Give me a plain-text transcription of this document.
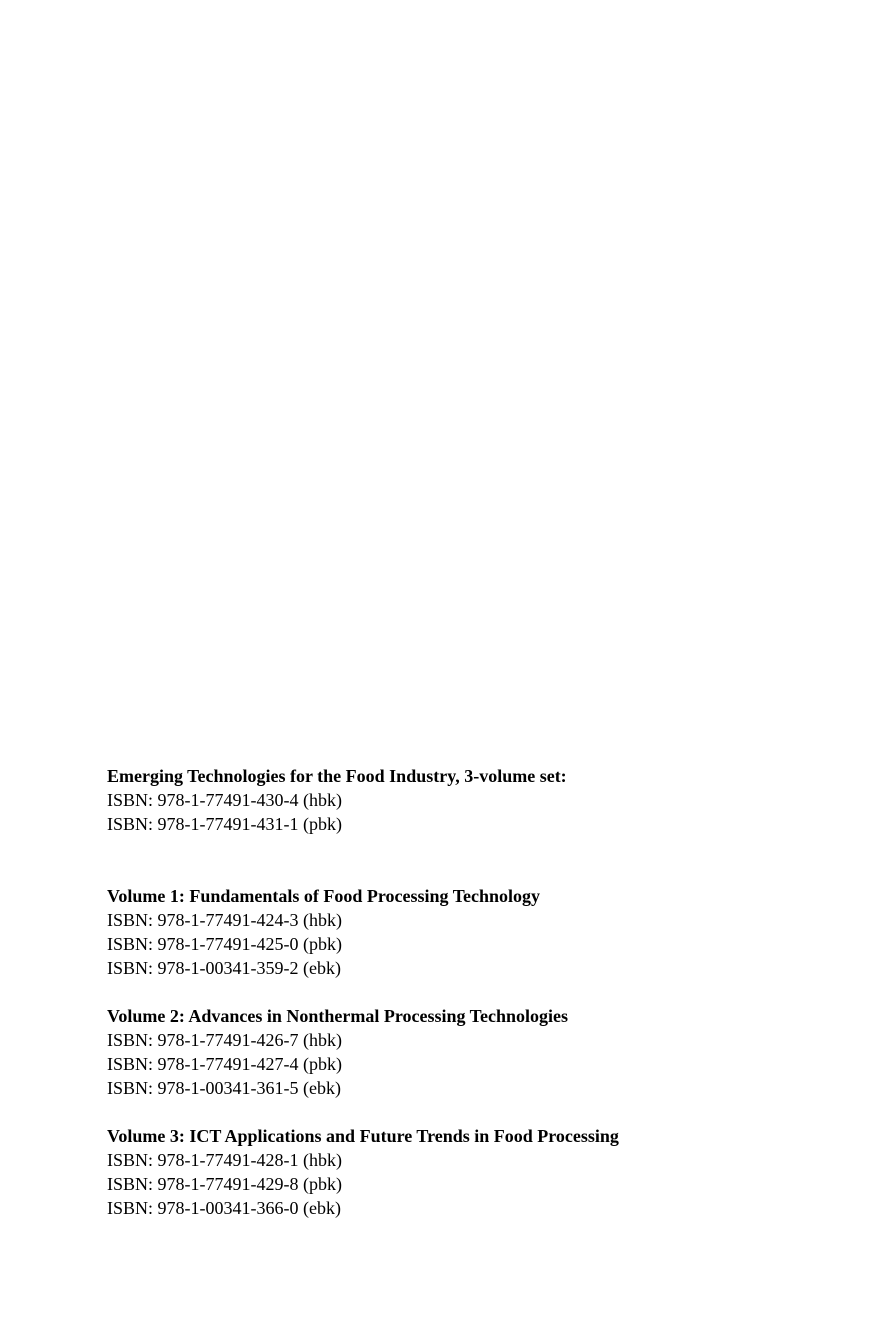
Emerging Technologies for the Food Industry, 3-volume set:
ISBN: 978-1-77491-430-4 (hbk)
ISBN: 978-1-77491-431-1 (pbk)
Volume 1: Fundamentals of Food Processing Technology
ISBN: 978-1-77491-424-3 (hbk)
ISBN: 978-1-77491-425-0 (pbk)
ISBN: 978-1-00341-359-2 (ebk)
Volume 2: Advances in Nonthermal Processing Technologies
ISBN: 978-1-77491-426-7 (hbk)
ISBN: 978-1-77491-427-4 (pbk)
ISBN: 978-1-00341-361-5 (ebk)
Volume 3: ICT Applications and Future Trends in Food Processing
ISBN: 978-1-77491-428-1 (hbk)
ISBN: 978-1-77491-429-8 (pbk)
ISBN: 978-1-00341-366-0 (ebk)
